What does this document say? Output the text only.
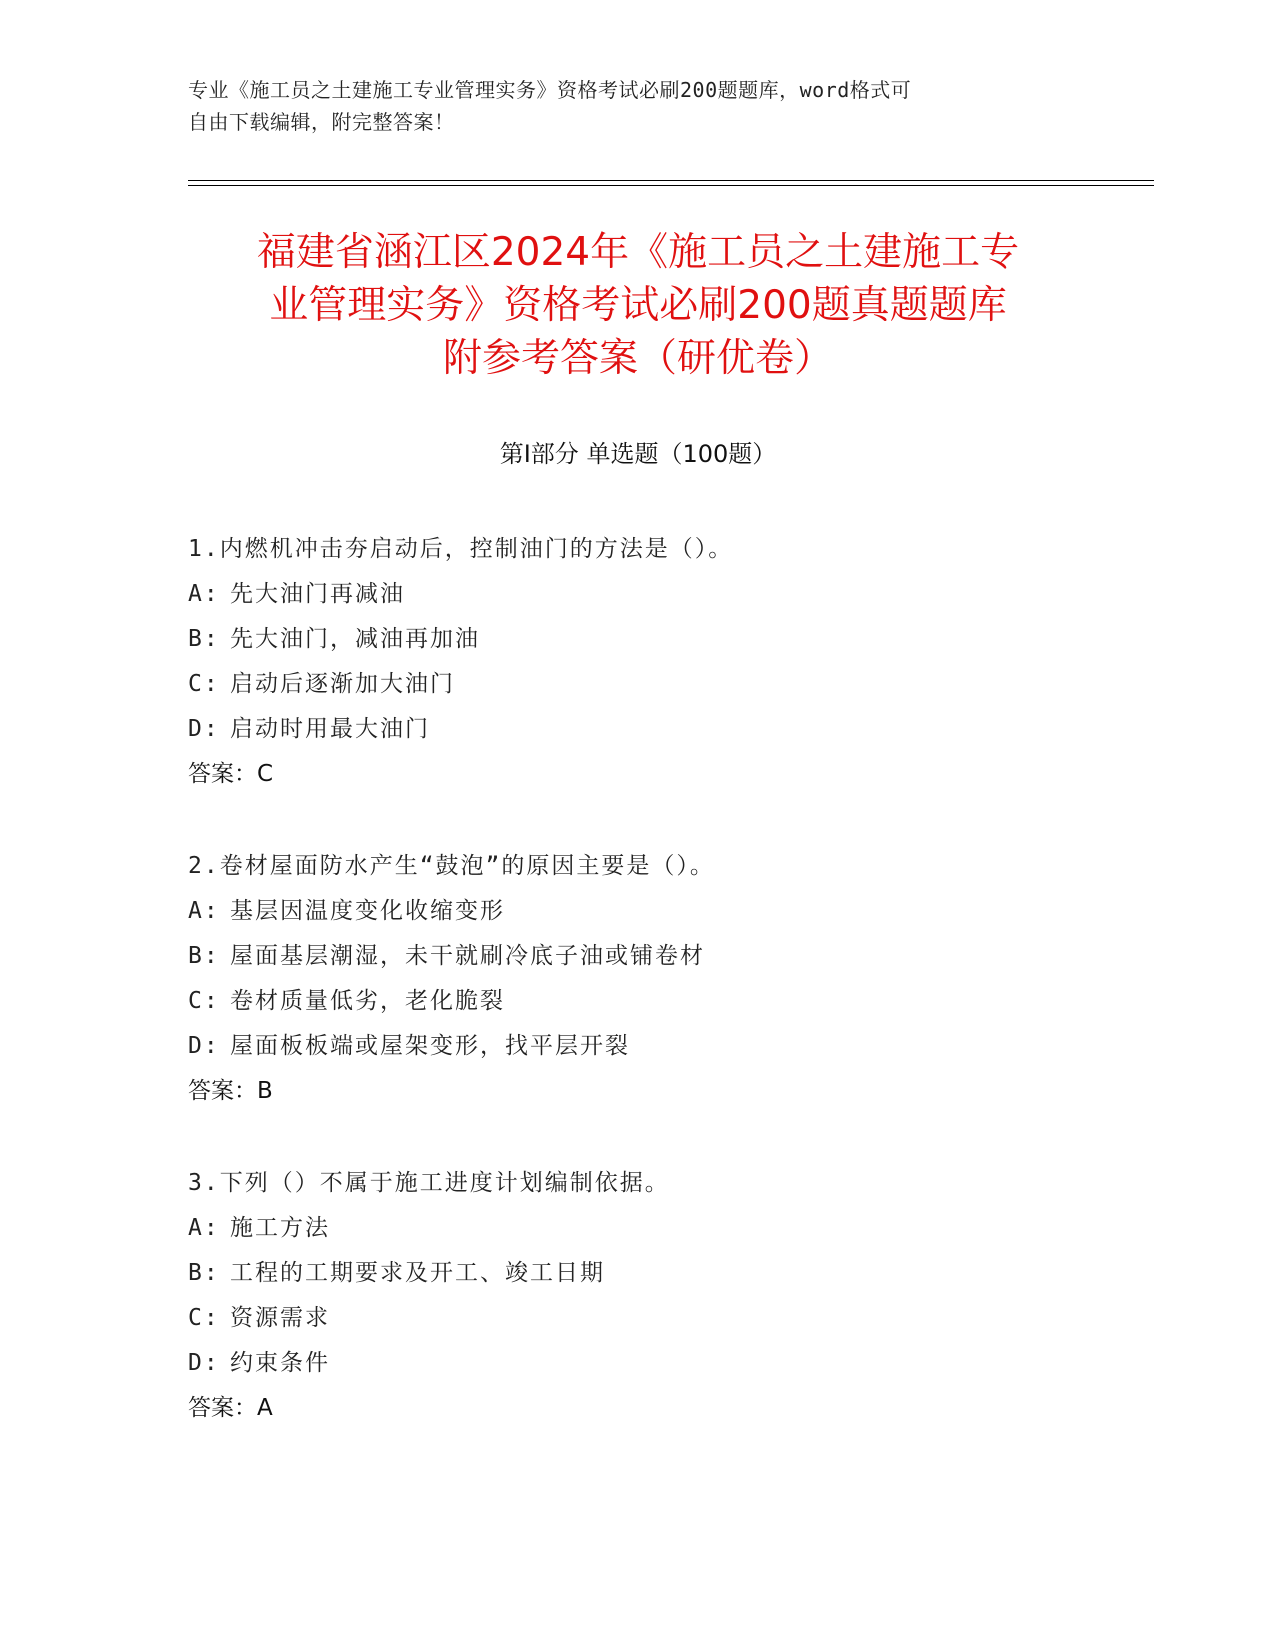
专业《施工员之土建施工专业管理实务》资格考试必刷200题题库，word格式可
自由下载编辑，附完整答案！
福建省涵江区2024年《施工员之土建施工专
业管理实务》资格考试必刷200题真题题库
附参考答案（研优卷）
第Ⅰ部分 单选题（100题）
1.内燃机冲击夯启动后，控制油门的方法是（）。
A: 先大油门再减油
B: 先大油门，减油再加油
C: 启动后逐渐加大油门
D: 启动时用最大油门
答案：C
2.卷材屋面防水产生“鼓泡”的原因主要是（）。
A: 基层因温度变化收缩变形
B: 屋面基层潮湿，未干就刷冷底子油或铺卷材
C: 卷材质量低劣，老化脆裂
D: 屋面板板端或屋架变形，找平层开裂
答案：B
3.下列（）不属于施工进度计划编制依据。
A: 施工方法
B: 工程的工期要求及开工、竣工日期
C: 资源需求
D: 约束条件
答案：A
